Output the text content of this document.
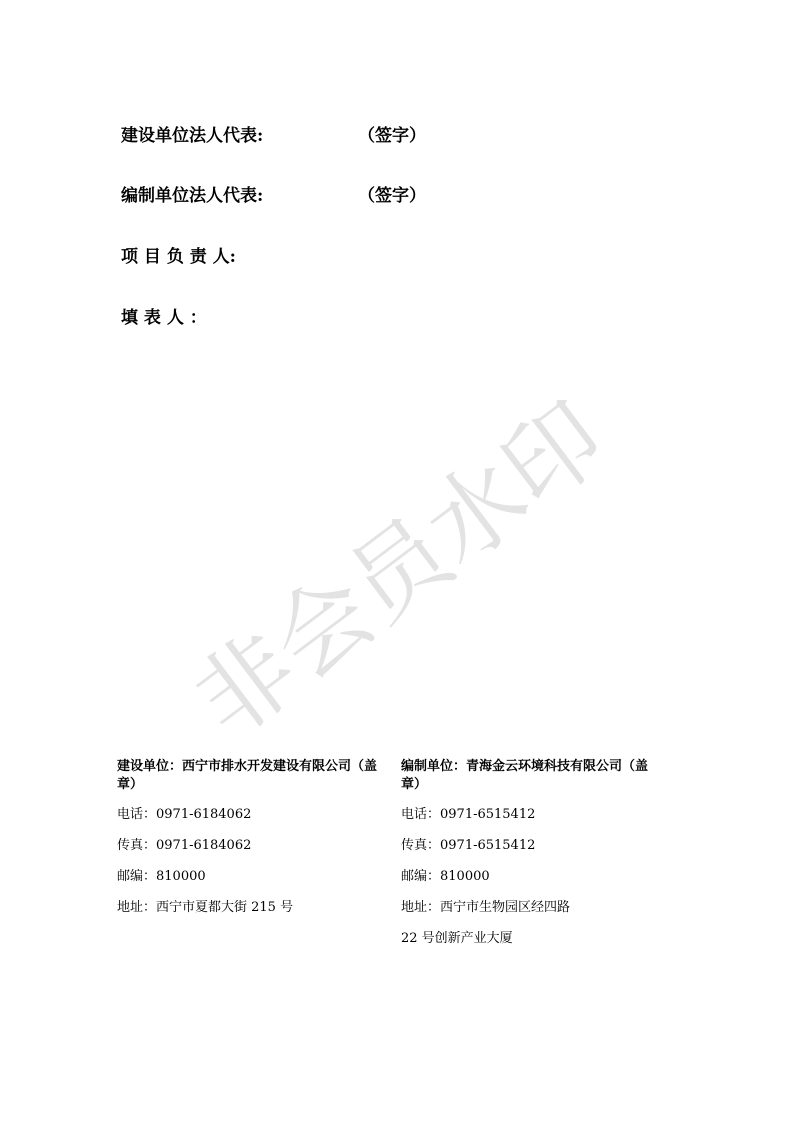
建设单位法人代表:	（签字）
编制单位法人代表:	（签字）
项 目 负 责 人:
填 表 人 ：
非会员水印
建设单位：西宁市排水开发建设有限公司（盖章）
电话：0971-6184062
传真：0971-6184062
邮编：810000
地址：西宁市夏都大街 215 号
编制单位：青海金云环境科技有限公司（盖章）
电话：0971-6515412
传真：0971-6515412
邮编：810000
地址：西宁市生物园区经四路
22 号创新产业大厦
